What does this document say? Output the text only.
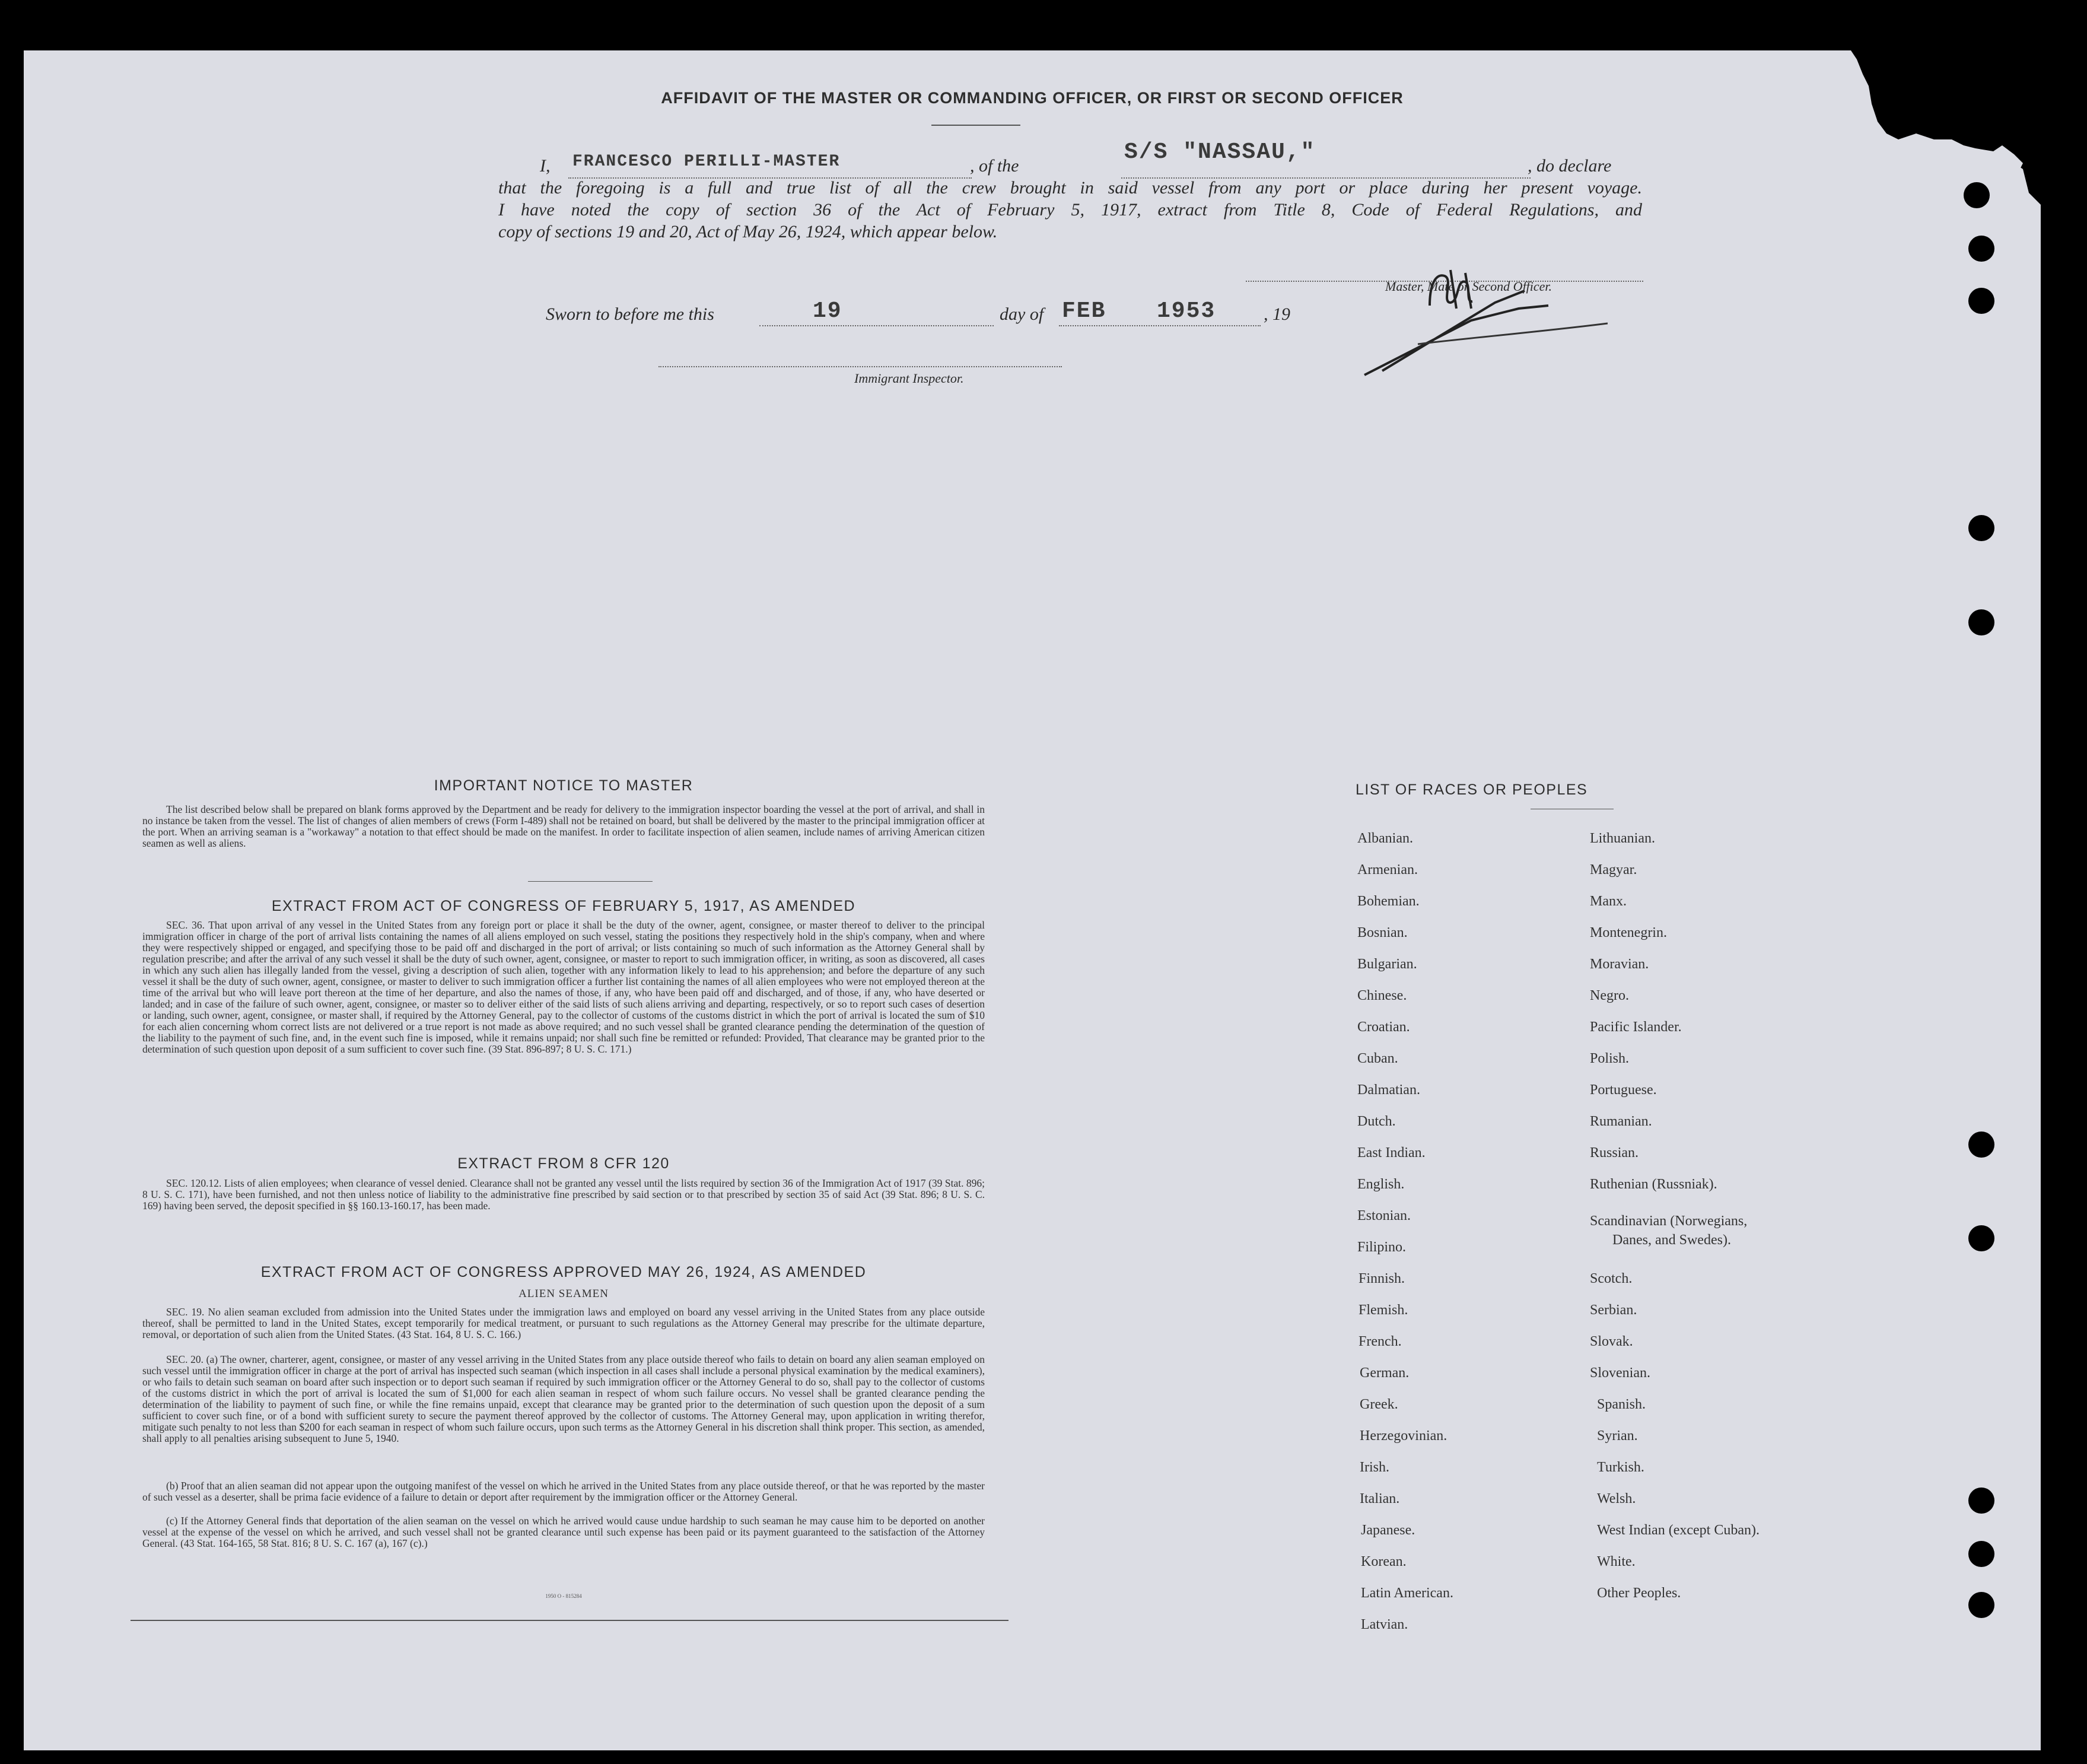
AFFIDAVIT OF THE MASTER OR COMMANDING OFFICER, OR FIRST OR SECOND OFFICER
I, FRANCESCO PERILLI-MASTER	, of the
S/S "NASSAU,"
, do declare
that the foregoing is a full and true list of all the crew brought in said vessel from any port or place during her present voyage.
I have noted the copy of section 36 of the Act of February 5, 1917, extract from Title 8, Code of Federal Regulations, and
copy of sections 19 and 20, Act of May 26, 1924, which appear below.
Master, Mate or Second Officer.
Sworn to before me this	19	day of FEB 1953	, 19
Immigrant Inspector.
IMPORTANT NOTICE TO MASTER
The list described below shall be prepared on blank forms approved by the Department and be ready for delivery to the immigration inspector boarding the vessel at the port of arrival, and shall in no instance be taken from the vessel. The list of changes of alien members of crews (Form I-489) shall not be retained on board, but shall be delivered by the master to the principal immigration officer at the port. When an arriving seaman is a "workaway" a notation to that effect should be made on the manifest. In order to facilitate inspection of alien seamen, include names of arriving American citizen seamen as well as aliens.
EXTRACT FROM ACT OF CONGRESS OF FEBRUARY 5, 1917, AS AMENDED
SEC. 36. That upon arrival of any vessel in the United States from any foreign port or place it shall be the duty of the owner, agent, consignee, or master thereof to deliver to the principal immigration officer in charge of the port of arrival lists containing the names of all aliens employed on such vessel, stating the positions they respectively hold in the ship's company, when and where they were respectively shipped or engaged, and specifying those to be paid off and discharged in the port of arrival; or lists containing so much of such information as the Attorney General shall by regulation prescribe; and after the arrival of any such vessel it shall be the duty of such owner, agent, consignee, or master to report to such immigration officer, in writing, as soon as discovered, all cases in which any such alien has illegally landed from the vessel, giving a description of such alien, together with any information likely to lead to his apprehension; and before the departure of any such vessel it shall be the duty of such owner, agent, consignee, or master to deliver to such immigration officer a further list containing the names of all alien employees who were not employed thereon at the time of the arrival but who will leave port thereon at the time of her departure, and also the names of those, if any, who have been paid off and discharged, and of those, if any, who have deserted or landed; and in case of the failure of such owner, agent, consignee, or master so to deliver either of the said lists of such aliens arriving and departing, respectively, or so to report such cases of desertion or landing, such owner, agent, consignee, or master shall, if required by the Attorney General, pay to the collector of customs of the customs district in which the port of arrival is located the sum of $10 for each alien concerning whom correct lists are not delivered or a true report is not made as above required; and no such vessel shall be granted clearance pending the determination of the question of the liability to the payment of such fine, and, in the event such fine is imposed, while it remains unpaid; nor shall such fine be remitted or refunded: Provided, That clearance may be granted prior to the determination of such question upon deposit of a sum sufficient to cover such fine. (39 Stat. 896-897; 8 U. S. C. 171.)
EXTRACT FROM 8 CFR 120
SEC. 120.12. Lists of alien employees; when clearance of vessel denied. Clearance shall not be granted any vessel until the lists required by section 36 of the Immigration Act of 1917 (39 Stat. 896; 8 U. S. C. 171), have been furnished, and not then unless notice of liability to the administrative fine prescribed by said section or to that prescribed by section 35 of said Act (39 Stat. 896; 8 U. S. C. 169) having been served, the deposit specified in §§ 160.13-160.17, has been made.
EXTRACT FROM ACT OF CONGRESS APPROVED MAY 26, 1924, AS AMENDED
ALIEN SEAMEN
SEC. 19. No alien seaman excluded from admission into the United States under the immigration laws and employed on board any vessel arriving in the United States from any place outside thereof, shall be permitted to land in the United States, except temporarily for medical treatment, or pursuant to such regulations as the Attorney General may prescribe for the ultimate departure, removal, or deportation of such alien from the United States. (43 Stat. 164, 8 U. S. C. 166.)
SEC. 20. (a) The owner, charterer, agent, consignee, or master of any vessel arriving in the United States from any place outside thereof who fails to detain on board any alien seaman employed on such vessel until the immigration officer in charge at the port of arrival has inspected such seaman (which inspection in all cases shall include a personal physical examination by the medical examiners), or who fails to detain such seaman on board after such inspection or to deport such seaman if required by such immigration officer or the Attorney General to do so, shall pay to the collector of customs of the customs district in which the port of arrival is located the sum of $1,000 for each alien seaman in respect of whom such failure occurs. No vessel shall be granted clearance pending the determination of the liability to payment of such fine, or while the fine remains unpaid, except that clearance may be granted prior to the determination of such question upon the deposit of a sum sufficient to cover such fine, or of a bond with sufficient surety to secure the payment thereof approved by the collector of customs. The Attorney General may, upon application in writing therefor, mitigate such penalty to not less than $200 for each seaman in respect of whom such failure occurs, upon such terms as the Attorney General in his discretion shall think proper. This section, as amended, shall apply to all penalties arising subsequent to June 5, 1940.
(b) Proof that an alien seaman did not appear upon the outgoing manifest of the vessel on which he arrived in the United States from any place outside thereof, or that he was reported by the master of such vessel as a deserter, shall be prima facie evidence of a failure to detain or deport after requirement by the immigration officer or the Attorney General.
(c) If the Attorney General finds that deportation of the alien seaman on the vessel on which he arrived would cause undue hardship to such seaman he may cause him to be deported on another vessel at the expense of the vessel on which he arrived, and such vessel shall not be granted clearance until such expense has been paid or its payment guaranteed to the satisfaction of the Attorney General. (43 Stat. 164-165, 58 Stat. 816; 8 U. S. C. 167 (a), 167 (c).)
1950 O - 815284
LIST OF RACES OR PEOPLES
Albanian.
Armenian.
Bohemian.
Bosnian.
Bulgarian.
Chinese.
Croatian.
Cuban.
Dalmatian.
Dutch.
East Indian.
English.
Estonian.
Filipino.
Finnish.
Flemish.
French.
German.
Greek.
Herzegovinian.
Irish.
Italian.
Japanese.
Korean.
Latin American.
Latvian.
Lithuanian.
Magyar.
Manx.
Montenegrin.
Moravian.
Negro.
Pacific Islander.
Polish.
Portuguese.
Rumanian.
Russian.
Ruthenian (Russniak).
Scandinavian (Norwegians,
Danes, and Swedes).
Scotch.
Serbian.
Slovak.
Slovenian.
Spanish.
Syrian.
Turkish.
Welsh.
West Indian (except Cuban).
White.
Other Peoples.
